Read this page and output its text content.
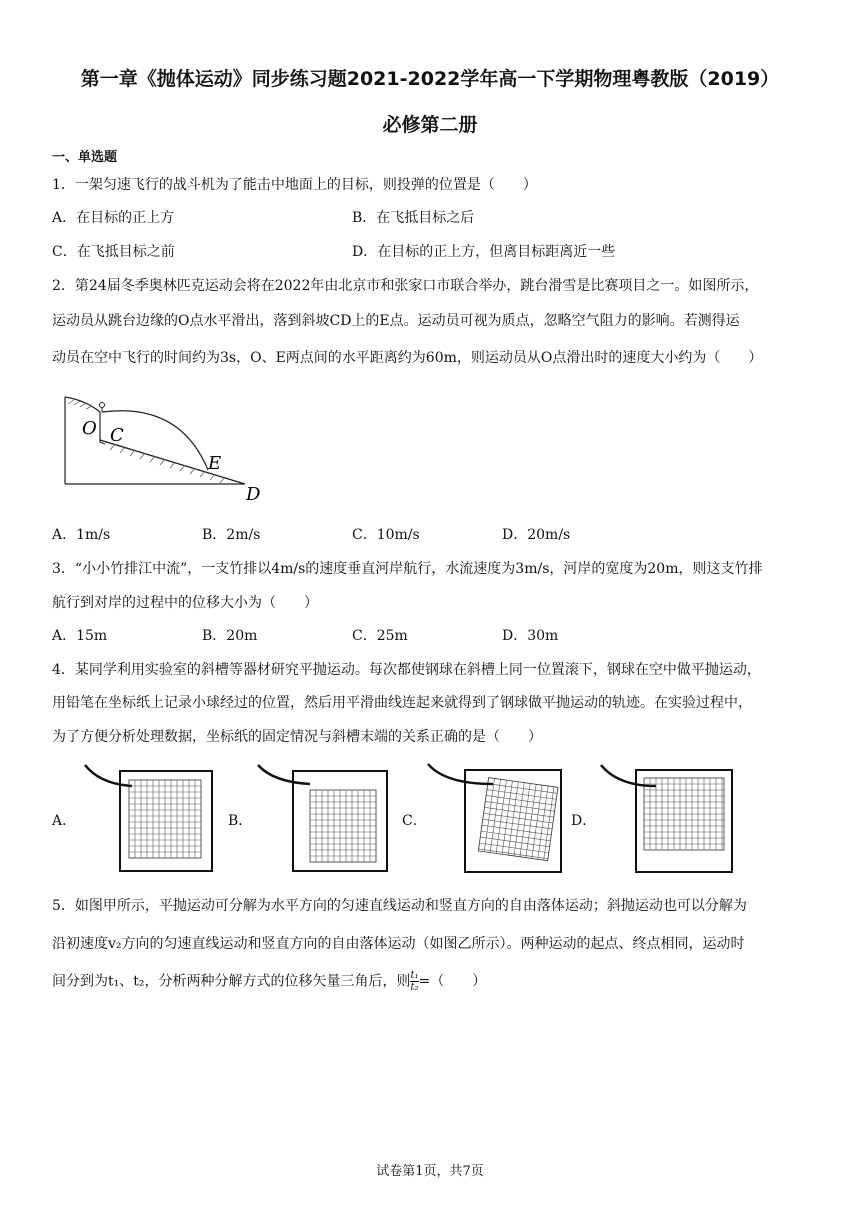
第一章《抛体运动》同步练习题2021-2022学年高一下学期物理粤教版（2019）
必修第二册
一、单选题
1．一架匀速飞行的战斗机为了能击中地面上的目标，则投弹的位置是（　　）
A．在目标的正上方	B．在飞抵目标之后
C．在飞抵目标之前	D．在目标的正上方，但离目标距离近一些
2．第24届冬季奥林匹克运动会将在2022年由北京市和张家口市联合举办，跳台滑雪是比赛项目之一。如图所示，
运动员从跳台边缘的O点水平滑出，落到斜坡CD上的E点。运动员可视为质点，忽略空气阻力的影响。若测得运
动员在空中飞行的时间约为3s，O、E两点间的水平距离约为60m，则运动员从O点滑出时的速度大小约为（　　）
O C
E
D
A．1m/s	B．2m/s	C．10m/s	D．20m/s
3．“小小竹排江中流”，一支竹排以4m/s的速度垂直河岸航行，水流速度为3m/s，河岸的宽度为20m，则这支竹排
航行到对岸的过程中的位移大小为（　　）
A．15m	B．20m	C．25m	D．30m
4．某同学利用实验室的斜槽等器材研究平抛运动。每次都使钢球在斜槽上同一位置滚下，钢球在空中做平抛运动，
用铅笔在坐标纸上记录小球经过的位置，然后用平滑曲线连起来就得到了钢球做平抛运动的轨迹。在实验过程中，
为了方便分析处理数据，坐标纸的固定情况与斜槽末端的关系正确的是（　　）
A．	B．	C．	D．
5．如图甲所示，平抛运动可分解为水平方向的匀速直线运动和竖直方向的自由落体运动；斜抛运动也可以分解为
沿初速度v₂方向的匀速直线运动和竖直方向的自由落体运动（如图乙所示）。两种运动的起点、终点相同，运动时
间分到为t₁、t₂，分析两种分解方式的位移矢量三角后，则 $\frac{\text{t₁}}{\text{t₂}}$ =（　　）
试卷第1页，共7页
